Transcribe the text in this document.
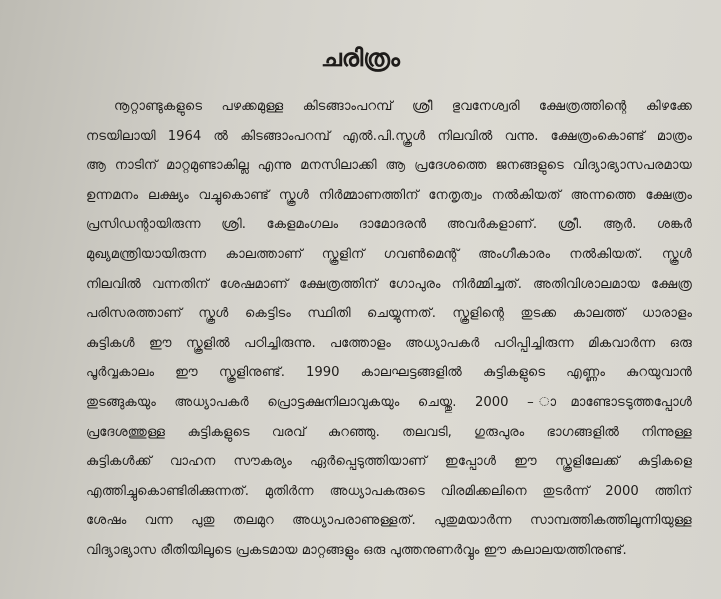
ചരിത്രം
നൂറ്റാണ്ടുകളുടെ പഴക്കമുള്ള കിടങ്ങാംപറമ്പ് ശ്രീ ഭുവനേശ്വരി ക്ഷേത്രത്തിന്റെ കിഴക്കേ
നടയിലായി 1964 ൽ കിടങ്ങാംപറമ്പ് എൽ.പി.സ്കൂൾ നിലവിൽ വന്നു. ക്ഷേത്രംകൊണ്ട് മാത്രം
ആ നാടിന് മാറ്റമുണ്ടാകില്ല എന്നു മനസിലാക്കി ആ പ്രദേശത്തെ ജനങ്ങളുടെ വിദ്യാഭ്യാസപരമായ
ഉന്നമനം ലക്ഷ്യം വച്ചുകൊണ്ട് സ്കൂൾ നിർമ്മാണത്തിന് നേതൃത്വം നൽകിയത് അന്നത്തെ ക്ഷേത്രം
പ്രസിഡന്റായിരുന്ന ശ്രി. കേളമംഗലം ദാമോദരൻ അവർകളാണ്. ശ്രീ. ആർ. ശങ്കർ
മുഖ്യമന്ത്രിയായിരുന്ന കാലത്താണ് സ്കൂളിന് ഗവൺമെന്റ് അംഗീകാരം നൽകിയത്. സ്കൂൾ
നിലവിൽ വന്നതിന് ശേഷമാണ് ക്ഷേത്രത്തിന് ഗോപുരം നിർമ്മിച്ചത്. അതിവിശാലമായ ക്ഷേത്ര
പരിസരത്താണ് സ്കൂൾ കെട്ടിടം സ്ഥിതി ചെയ്യുന്നത്. സ്കൂളിന്റെ തുടക്ക കാലത്ത് ധാരാളം
കുട്ടികൾ ഈ സ്കൂളിൽ പഠിച്ചിരുന്നു. പത്തോളം അധ്യാപകർ പഠിപ്പിച്ചിരുന്ന മികവാർന്ന ഒരു
പൂർവ്വകാലം ഈ സ്കൂളിനുണ്ട്. 1990 കാലഘട്ടങ്ങളിൽ കുട്ടികളുടെ എണ്ണം കുറയുവാൻ
തുടങ്ങുകയും അധ്യാപകർ പ്രൊട്ടക്ഷനിലാവുകയും ചെയ്തു. 2000 – ാമാണ്ടോടടുത്തപ്പോൾ
പ്രദേശത്തുള്ള കുട്ടികളുടെ വരവ് കുറഞ്ഞു. തലവടി, ഗുരുപുരം ഭാഗങ്ങളിൽ നിന്നുള്ള
കുട്ടികൾക്ക് വാഹന സൗകര്യം ഏർപ്പെടുത്തിയാണ് ഇപ്പോൾ ഈ സ്കൂളിലേക്ക് കുട്ടികളെ
എത്തിച്ചുകൊണ്ടിരിക്കുന്നത്. മുതിർന്ന അധ്യാപകരുടെ വിരമിക്കലിനെ തുടർന്ന് 2000 ത്തിന്
ശേഷം വന്ന പുതു തലമുറ അധ്യാപരാണുള്ളത്. പുതുമയാർന്ന സാമ്പത്തികത്തിലൂന്നിയുള്ള
വിദ്യാഭ്യാസ രീതിയിലൂടെ പ്രകടമായ മാറ്റങ്ങളും ഒരു പുത്തനുണർവ്വും ഈ കലാലയത്തിനുണ്ട്.
